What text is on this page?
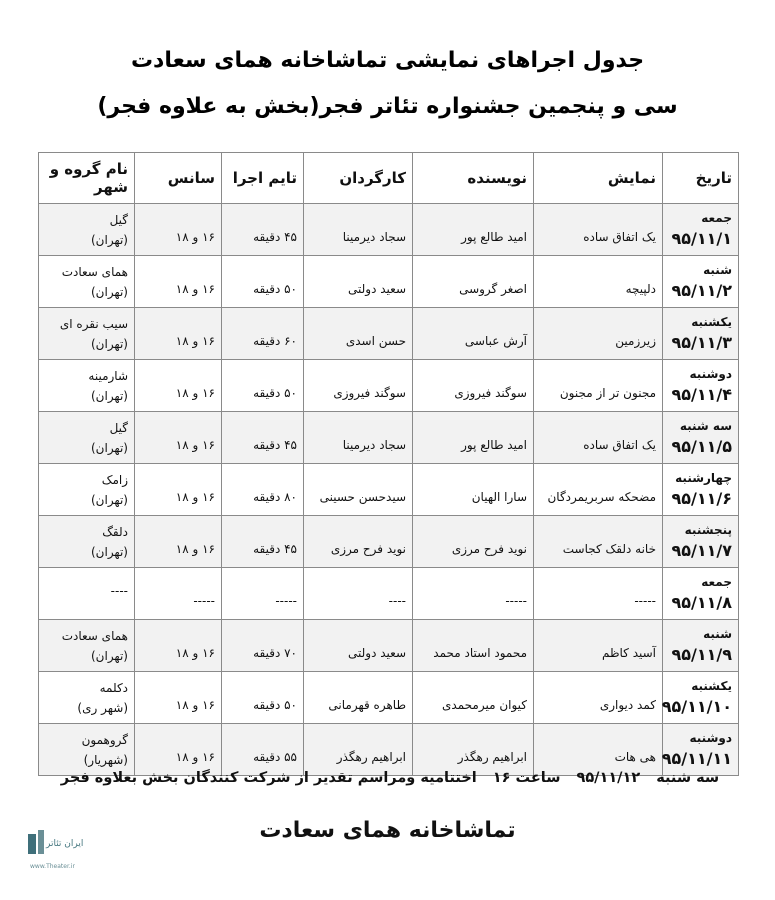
جدول اجراهای نمایشی تماشاخانه همای سعادت
سی و پنجمین جشنواره تئاتر فجر(بخش به علاوه فجر)
تاریخ	نمایش	نویسنده	کارگردان	تایم اجرا	سانس	نام گروه و شهر

جمعه
۹۵/۱۱/۱	یک اتفاق ساده	امید طالع پور	سجاد دیرمینا	۴۵ دقیقه	۱۶ و ۱۸	گیل
(تهران)

شنبه
۹۵/۱۱/۲	دلپیچه	اصغر گروسی	سعید دولتی	۵۰ دقیقه	۱۶ و ۱۸	همای سعادت
(تهران)

یکشنبه
۹۵/۱۱/۳	زیرزمین	آرش عباسی	حسن اسدی	۶۰ دقیقه	۱۶ و ۱۸	سیب نقره ای
(تهران)

دوشنبه
۹۵/۱۱/۴	مجنون تر از مجنون	سوگند فیروزی	سوگند فیروزی	۵۰ دقیقه	۱۶ و ۱۸	شارمینه
(تهران)

سه شنبه
۹۵/۱۱/۵	یک اتفاق ساده	امید طالع پور	سجاد دیرمینا	۴۵ دقیقه	۱۶ و ۱۸	گیل
(تهران)

چهارشنبه
۹۵/۱۱/۶	مضحکه سربریمردگان	سارا الهیان	سیدحسن حسینی	۸۰ دقیقه	۱۶ و ۱۸	زامک
(تهران)

پنجشنبه
۹۵/۱۱/۷	خانه دلقک کجاست	نوید فرح مرزی	نوید فرح مرزی	۴۵ دقیقه	۱۶ و ۱۸	دلقگ
(تهران)

جمعه
۹۵/۱۱/۸	-----	-----	----	-----	-----	----

شنبه
۹۵/۱۱/۹	آسید کاظم	محمود استاد محمد	سعید دولتی	۷۰ دقیقه	۱۶ و ۱۸	همای سعادت
(تهران)

یکشنبه
۹۵/۱۱/۱۰	کمد دیواری	کیوان میرمحمدی	طاهره قهرمانی	۵۰ دقیقه	۱۶ و ۱۸	دکلمه
(شهر ری)

دوشنبه
۹۵/۱۱/۱۱	هی هات	ابراهیم رهگذر	ابراهیم رهگذر	۵۵ دقیقه	۱۶ و ۱۸	گروهمون
(شهریار)
سه شنبه۹۵/۱۱/۱۲ساعت ۱۶اختتامیه ومراسم تقدیر از شرکت کنندگان بخش بعلاوه فجر
تماشاخانه همای سعادت
ایران تئاتر
www.Theater.ir
